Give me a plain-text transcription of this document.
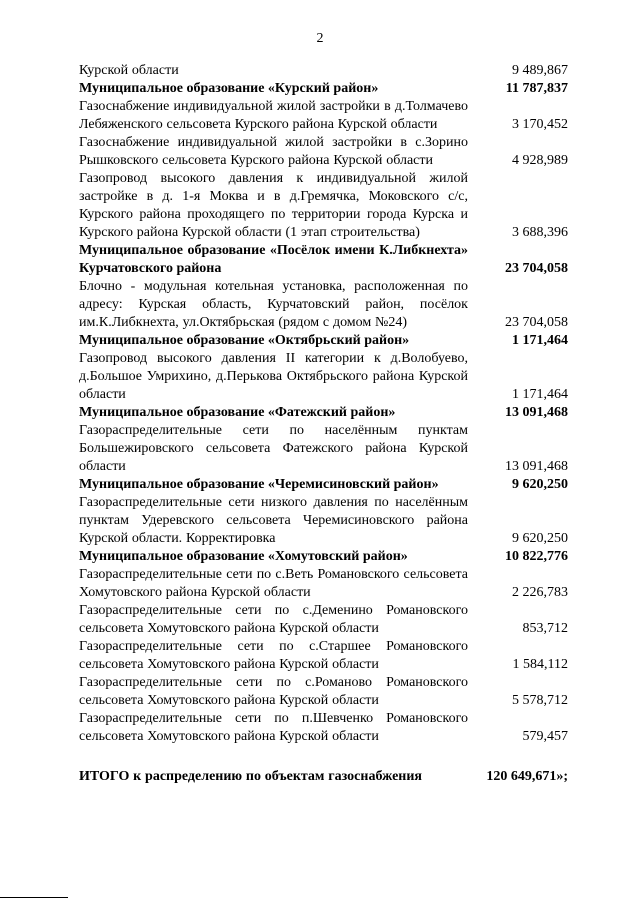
2
Курской области	9 489,867
Муниципальное образование «Курский район»	11 787,837
Газоснабжение индивидуальной жилой застройки в д.Толмачево Лебяженского сельсовета Курского района Курской области	3 170,452
Газоснабжение индивидуальной жилой застройки в с.Зорино Рышковского сельсовета Курского района Курской области	4 928,989
Газопровод высокого давления к индивидуальной жилой застройке в д. 1-я Моква и в д.Гремячка, Моковского с/с, Курского района проходящего по территории города Курска и Курского района Курской области (1 этап строительства)	3 688,396
Муниципальное образование «Посёлок имени К.Либкнехта» Курчатовского района	23 704,058
Блочно - модульная котельная установка, расположенная по адресу: Курская область, Курчатовский район, посёлок им.К.Либкнехта, ул.Октябрьская (рядом с домом №24)	23 704,058
Муниципальное образование «Октябрьский район»	1 171,464
Газопровод высокого давления II категории к д.Волобуево, д.Большое Умрихино, д.Перькова Октябрьского района Курской области	1 171,464
Муниципальное образование «Фатежский район»	13 091,468
Газораспределительные сети по населённым пунктам Большежировского сельсовета Фатежского района Курской области	13 091,468
Муниципальное образование «Черемисиновский район»	9 620,250
Газораспределительные сети низкого давления по населённым пунктам Удеревского сельсовета Черемисиновского района Курской области. Корректировка	9 620,250
Муниципальное образование «Хомутовский район»	10 822,776
Газораспределительные сети по с.Веть Романовского сельсовета Хомутовского района Курской области	2 226,783
Газораспределительные сети по с.Деменино Романовского сельсовета Хомутовского района Курской области	853,712
Газораспределительные сети по с.Старшее Романовского сельсовета Хомутовского района Курской области	1 584,112
Газораспределительные сети по с.Романово Романовского сельсовета Хомутовского района Курской области	5 578,712
Газораспределительные сети по п.Шевченко Романовского сельсовета Хомутовского района Курской области	579,457
ИТОГО к распределению по объектам газоснабжения	120 649,671»;
